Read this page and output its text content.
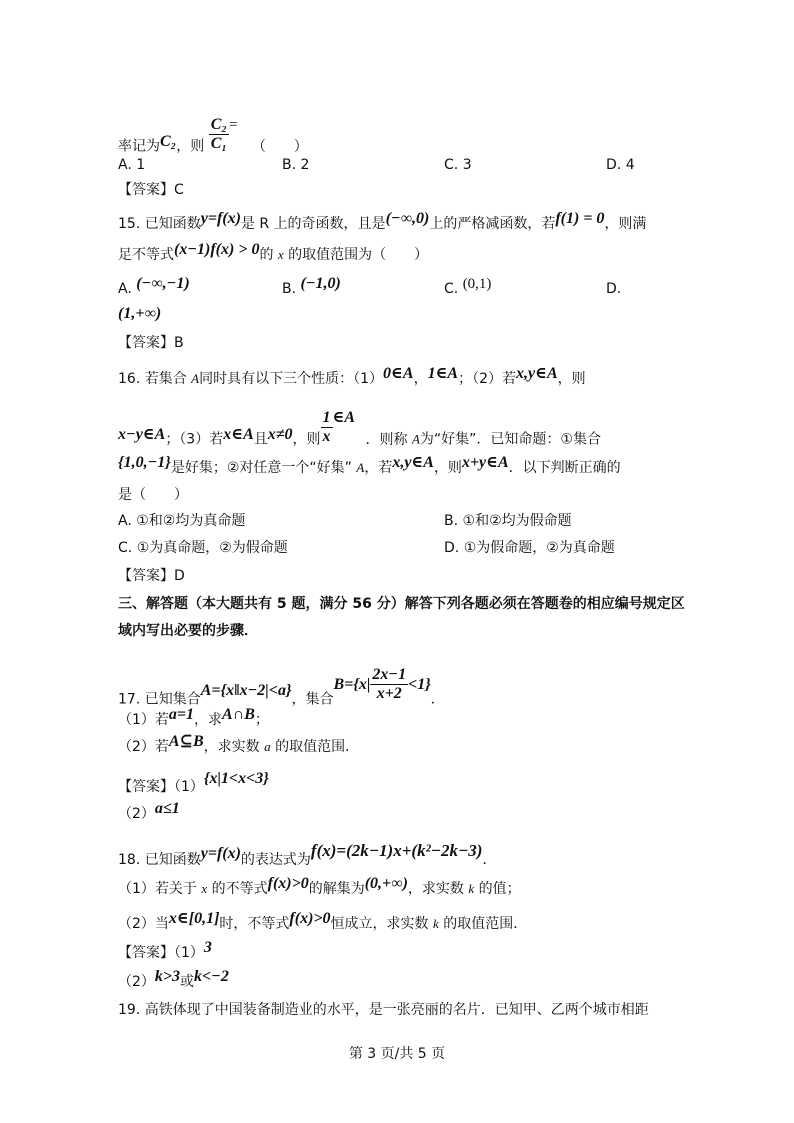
率记为C₂，则 $\frac{\text{C₂}}{\text{C₁}}$ = （　　）
A. 1	B. 2	C. 3	D. 4
【答案】C
15. 已知函数y=f(x)是 R 上的奇函数，且是(−∞,0)上的严格减函数，若f(1) = 0，则满
足不等式(x−1)f(x) > 0的 x 的取值范围为（　　）
A. (−∞,−1)	B. (−1,0)	C. (0,1)	D.
(1,+∞)
【答案】B
16. 若集合 A同时具有以下三个性质：（1）0∈A，1∈A；（2）若x,y∈A，则
x−y∈A；（3）若x∈A且x≠0，则 $\frac{1}{x}$ ∈A ．则称 A为“好集”．已知命题：①集合
{1,0,−1}是好集；②对任意一个“好集” A，若x,y∈A，则x+y∈A．以下判断正确的
是（　　）
A. ①和②均为真命题	B. ①和②均为假命题
C. ①为真命题，②为假命题	D. ①为假命题，②为真命题
【答案】D
三、解答题（本大题共有 5 题，满分 56 分）解答下列各题必须在答题卷的相应编号规定区
域内写出必要的步骤．
17. 已知集合A={x‖x−2|<a}，集合$B=\{x| \frac{2x-1}{x+2} <1\}$．
（1）若a=1，求A∩B；
（2）若A⊆B，求实数 a 的取值范围．
【答案】（1）{x|1<x<3}
（2）a≤1
18. 已知函数y=f(x)的表达式为f(x)=(2k−1)x+(k²−2k−3)．
（1）若关于 x 的不等式f(x)>0的解集为(0,+∞)，求实数 k 的值；
（2）当x∈[0,1]时，不等式f(x)>0恒成立，求实数 k 的取值范围．
【答案】（1）3
（2）k>3或k<−2
19. 高铁体现了中国装备制造业的水平，是一张亮丽的名片．已知甲、乙两个城市相距
第 3 页/共 5 页
